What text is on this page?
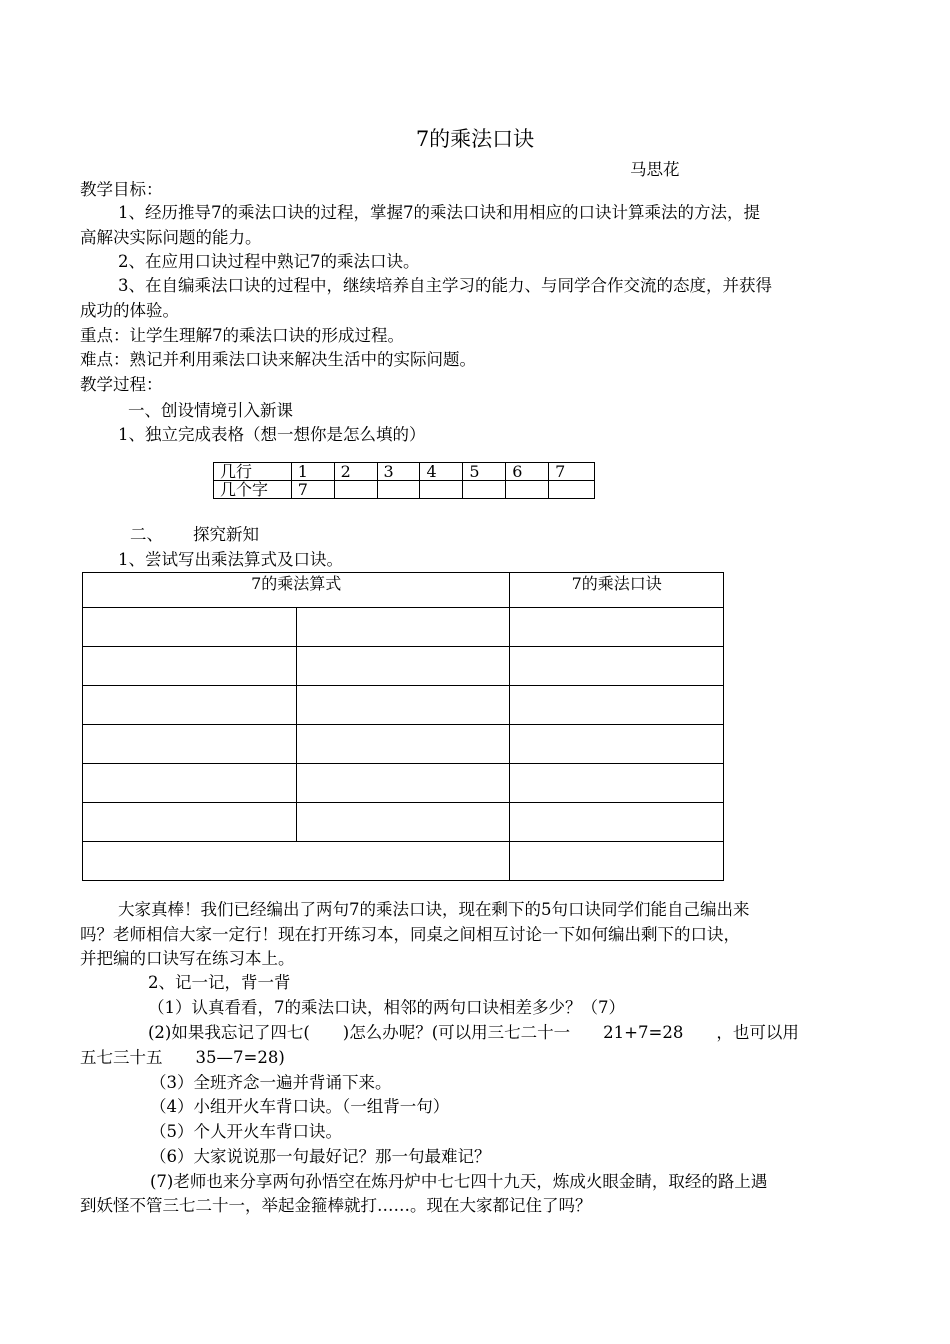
7的乘法口诀
马思花
教学目标：
1、经历推导7的乘法口诀的过程，掌握7的乘法口诀和用相应的口诀计算乘法的方法，提
高解决实际问题的能力。
2、在应用口诀过程中熟记7的乘法口诀。
3、在自编乘法口诀的过程中，继续培养自主学习的能力、与同学合作交流的态度，并获得
成功的体验。
重点：让学生理解7的乘法口诀的形成过程。
难点：熟记并利用乘法口诀来解决生活中的实际问题。
教学过程：
一、创设情境引入新课
1、独立完成表格（想一想你是怎么填的）
几行	1	2	3	4	5	6	7
几个字	7						
二、 探究新知
1、尝试写出乘法算式及口诀。
7的乘法算式		7的乘法口诀

大家真棒！我们已经编出了两句7的乘法口诀，现在剩下的5句口诀同学们能自己编出来
吗？老师相信大家一定行！现在打开练习本，同桌之间相互讨论一下如何编出剩下的口诀，
并把编的口诀写在练习本上。
2、记一记，背一背
（1）认真看看，7的乘法口诀，相邻的两句口诀相差多少？（7）
(2)如果我忘记了四七(　　)怎么办呢？(可以用三七二十一　　21+7=28　　，也可以用
五七三十五　　35—7=28)
（3）全班齐念一遍并背诵下来。
（4）小组开火车背口诀。（一组背一句）
（5）个人开火车背口诀。
（6）大家说说那一句最好记？那一句最难记？
(7)老师也来分享两句孙悟空在炼丹炉中七七四十九天，炼成火眼金睛，取经的路上遇
到妖怪不管三七二十一，举起金箍棒就打……。现在大家都记住了吗？
